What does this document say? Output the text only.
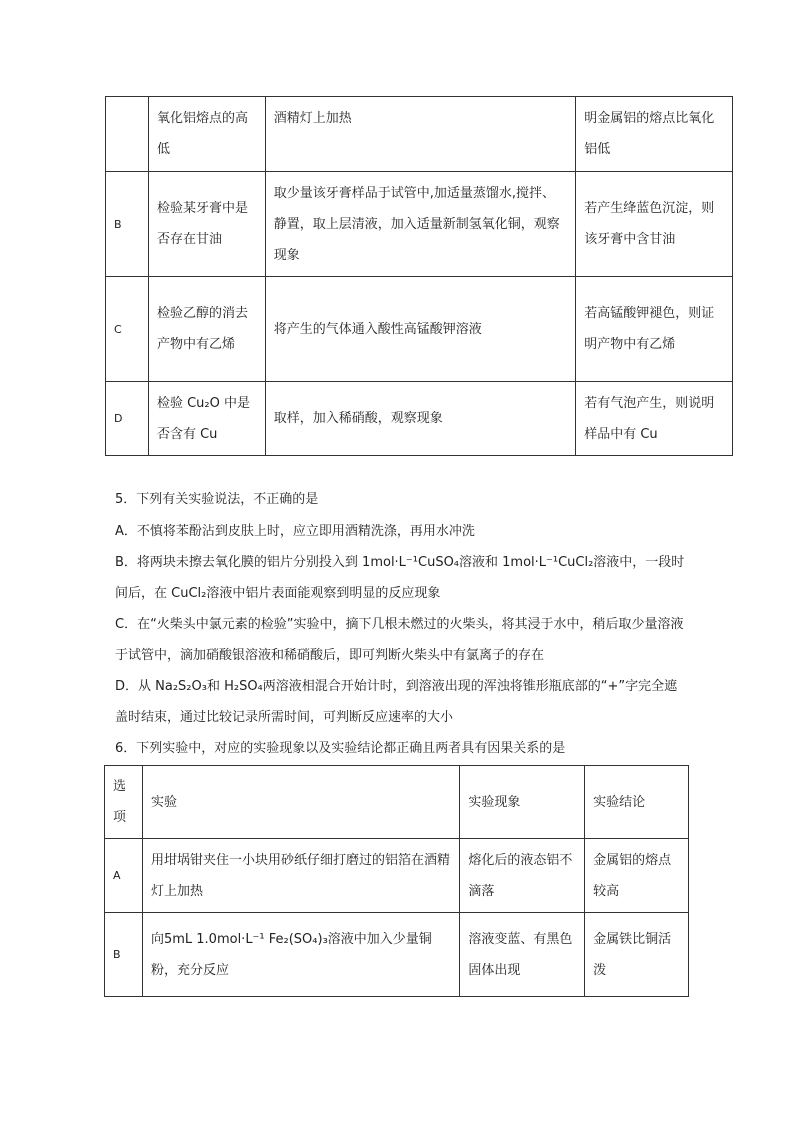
	氧化铝熔点的高低	酒精灯上加热	明金属铝的熔点比氧化铝低

B	检验某牙膏中是否存在甘油	取少量该牙膏样品于试管中,加适量蒸馏水,搅拌、静置，取上层清液，加入适量新制氢氧化铜，观察现象	若产生绛蓝色沉淀，则该牙膏中含甘油

C	检验乙醇的消去产物中有乙烯	将产生的气体通入酸性高锰酸钾溶液	若高锰酸钾褪色，则证明产物中有乙烯

D	检验 Cu₂O 中是否含有 Cu	取样，加入稀硝酸，观察现象	若有气泡产生，则说明样品中有 Cu
5．下列有关实验说法，不正确的是
A．不慎将苯酚沾到皮肤上时，应立即用酒精洗涤，再用水冲洗
B．将两块未擦去氧化膜的铝片分别投入到 1mol·L⁻¹CuSO₄溶液和 1mol·L⁻¹CuCl₂溶液中，一段时间后，在 CuCl₂溶液中铝片表面能观察到明显的反应现象
C．在“火柴头中氯元素的检验”实验中，摘下几根未燃过的火柴头，将其浸于水中，稍后取少量溶液于试管中，滴加硝酸银溶液和稀硝酸后，即可判断火柴头中有氯离子的存在
D．从 Na₂S₂O₃和 H₂SO₄两溶液相混合开始计时，到溶液出现的浑浊将锥形瓶底部的“+”字完全遮盖时结束，通过比较记录所需时间，可判断反应速率的大小
6．下列实验中，对应的实验现象以及实验结论都正确且两者具有因果关系的是
选项	实验	实验现象	实验结论

A	用坩埚钳夹住一小块用砂纸仔细打磨过的铝箔在酒精灯上加热	熔化后的液态铝不滴落	金属铝的熔点较高

B	向5mL 1.0mol·L⁻¹ Fe₂(SO₄)₃溶液中加入少量铜粉，充分反应	溶液变蓝、有黑色固体出现	金属铁比铜活泼
